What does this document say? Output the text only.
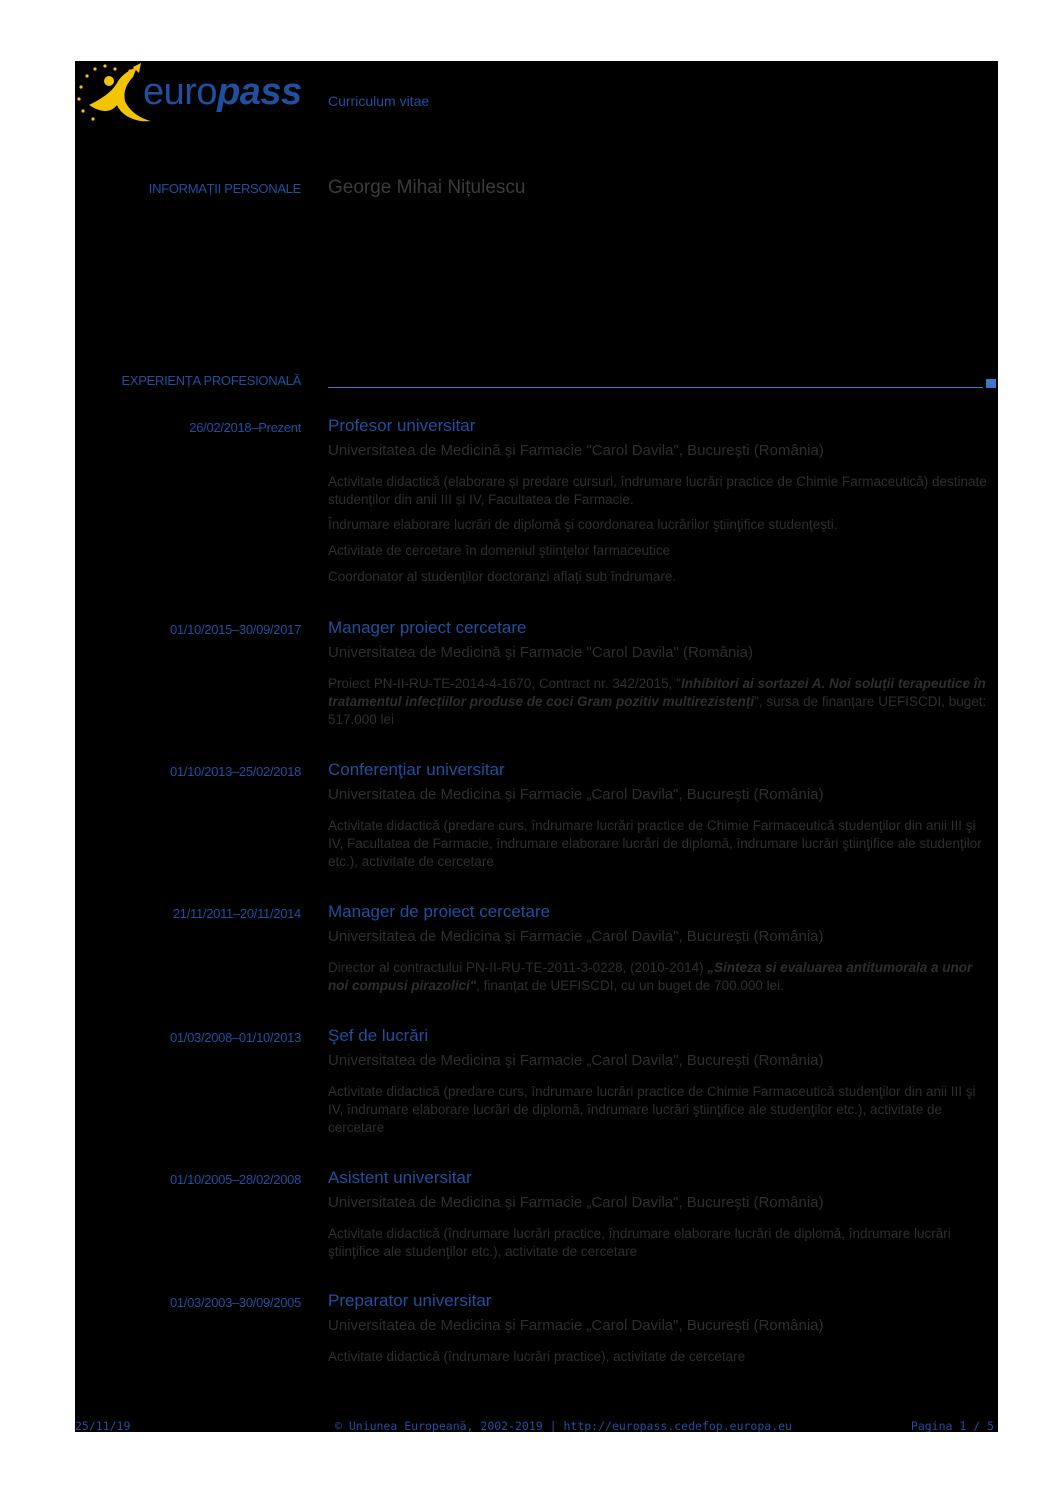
europass Curriculum vitae
INFORMAȚII PERSONALE George Mihai Nițulescu
EXPERIENȚA PROFESIONALĂ
26/02/2018–Prezent Profesor universitar
Universitatea de Medicină şi Farmacie "Carol Davila", Bucureşti (România)
Activitate didactică (elaborare și predare cursuri, îndrumare lucrări practice de Chimie Farmaceutică) destinate studenților din anii III și IV, Facultatea de Farmacie.
Îndrumare elaborare lucrări de diplomă şi coordonarea lucrărilor ştiinţifice studenţeşti.
Activitate de cercetare în domeniul ştiinţelor farmaceutice
Coordonator al studenților doctoranzi aflați sub îndrumare.
01/10/2015–30/09/2017 Manager proiect cercetare
Universitatea de Medicină şi Farmacie "Carol Davila" (România)
Proiect PN-II-RU-TE-2014-4-1670, Contract nr. 342/2015, "Inhibitori ai sortazei A. Noi soluții terapeutice în tratamentul infecțiilor produse de coci Gram pozitiv multirezistenți", sursa de finanțare UEFISCDI, buget: 517.000 lei
01/10/2013–25/02/2018 Conferenţiar universitar
Universitatea de Medicina şi Farmacie „Carol Davila", Bucureşti (România)
Activitate didactică (predare curs, îndrumare lucrări practice de Chimie Farmaceutică studenţilor din anii III şi IV, Facultatea de Farmacie, îndrumare elaborare lucrări de diplomă, îndrumare lucrări ştiinţifice ale studenţilor etc.), activitate de cercetare
21/11/2011–20/11/2014 Manager de proiect cercetare
Universitatea de Medicina şi Farmacie „Carol Davila", Bucureşti (România)
Director al contractului PN-II-RU-TE-2011-3-0228, (2010-2014) „Sinteza si evaluarea antitumorala a unor noi compusi pirazolici", finanțat de UEFISCDI, cu un buget de 700.000 lei.
01/03/2008–01/10/2013 Şef de lucrări
Universitatea de Medicina şi Farmacie „Carol Davila", Bucureşti (România)
Activitate didactică (predare curs, îndrumare lucrări practice de Chimie Farmaceutică studenţilor din anii III şi IV, îndrumare elaborare lucrări de diplomă, îndrumare lucrări ştiinţifice ale studenţilor etc.), activitate de cercetare
01/10/2005–28/02/2008 Asistent universitar
Universitatea de Medicina şi Farmacie „Carol Davila", Bucureşti (România)
Activitate didactică (îndrumare lucrări practice, îndrumare elaborare lucrări de diplomă, îndrumare lucrări ştiinţifice ale studenţilor etc.), activitate de cercetare
01/03/2003–30/09/2005 Preparator universitar
Universitatea de Medicina şi Farmacie „Carol Davila", Bucureşti (România)
Activitate didactică (îndrumare lucrări practice), activitate de cercetare
25/11/19	© Uniunea Europeană, 2002-2019 | http://europass.cedefop.europa.eu	Pagina 1 / 5
